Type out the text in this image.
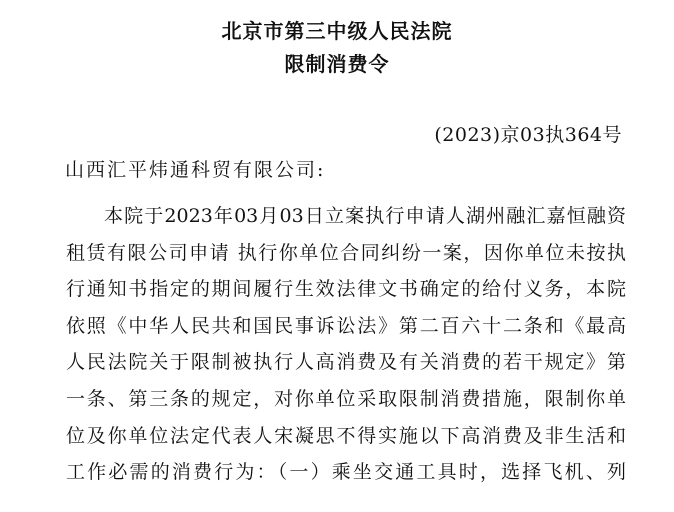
北京市第三中级人民法院
限制消费令
(2023)京03执364号
山西汇平炜通科贸有限公司:
本院于2023年03月03日立案执行申请人湖州融汇嘉恒融资
租赁有限公司申请 执行你单位合同纠纷一案，因你单位未按执
行通知书指定的期间履行生效法律文书确定的给付义务，本院
依照《中华人民共和国民事诉讼法》第二百六十二条和《最高
人民法院关于限制被执行人高消费及有关消费的若干规定》第
一条、第三条的规定，对你单位采取限制消费措施，限制你单
位及你单位法定代表人宋凝思不得实施以下高消费及非生活和
工作必需的消费行为：（一）乘坐交通工具时，选择飞机、列
